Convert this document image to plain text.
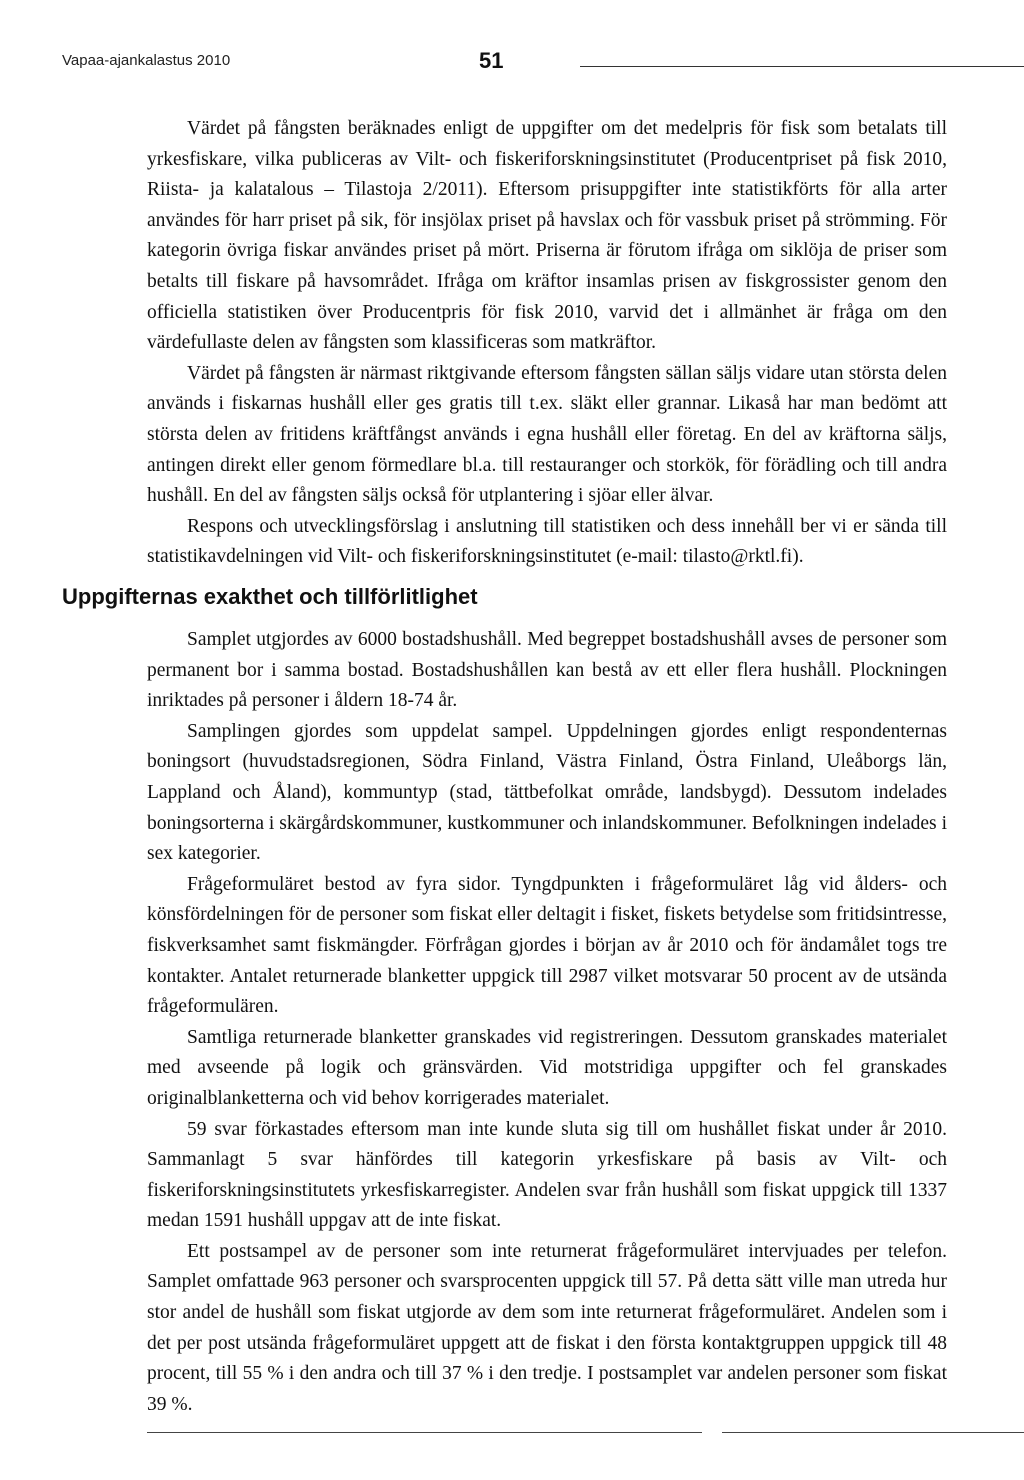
Vapaa-ajankalastus 2010	51

Värdet på fångsten beräknades enligt de uppgifter om det medelpris för fisk som betalats till yrkesfiskare, vilka publiceras av Vilt- och fiskeriforskningsinstitutet (Producentpriset på fisk 2010, Riista- ja kalatalous – Tilastoja 2/2011). Eftersom prisuppgifter inte statistikförts för alla arter användes för harr priset på sik, för insjölax priset på havslax och för vassbuk priset på strömming. För kategorin övriga fiskar användes priset på mört. Priserna är förutom ifråga om siklöja de priser som betalts till fiskare på havsområdet. Ifråga om kräftor insamlas prisen av fiskgrossister genom den officiella statistiken över Producentpris för fisk 2010, varvid det i allmänhet är fråga om den värdefullaste delen av fångsten som klassificeras som matkräftor.

Värdet på fångsten är närmast riktgivande eftersom fångsten sällan säljs vidare utan största delen används i fiskarnas hushåll eller ges gratis till t.ex. släkt eller grannar. Likaså har man bedömt att största delen av fritidens kräftfångst används i egna hushåll eller företag. En del av kräftorna säljs, antingen direkt eller genom förmedlare bl.a. till restauranger och storkök, för förädling och till andra hushåll. En del av fångsten säljs också för utplantering i sjöar eller älvar.

Respons och utvecklingsförslag i anslutning till statistiken och dess innehåll ber vi er sända till statistikavdelningen vid Vilt- och fiskeriforskningsinstitutet (e-mail: tilasto@rktl.fi).

Uppgifternas exakthet och tillförlitlighet

Samplet utgjordes av 6000 bostadshushåll. Med begreppet bostadshushåll avses de personer som permanent bor i samma bostad. Bostadshushållen kan bestå av ett eller flera hushåll. Plockningen inriktades på personer i åldern 18-74 år.

Samplingen gjordes som uppdelat sampel. Uppdelningen gjordes enligt respondenternas boningsort (huvudstadsregionen, Södra Finland, Västra Finland, Östra Finland, Uleåborgs län, Lappland och Åland), kommuntyp (stad, tättbefolkat område, landsbygd). Dessutom indelades boningsorterna i skärgårdskommuner, kustkommuner och inlandskommuner. Befolkningen indelades i sex kategorier.

Frågeformuläret bestod av fyra sidor. Tyngdpunkten i frågeformuläret låg vid ålders- och könsfördelningen för de personer som fiskat eller deltagit i fisket, fiskets betydelse som fritidsintresse, fiskverksamhet samt fiskmängder. Förfrågan gjordes i början av år 2010 och för ändamålet togs tre kontakter. Antalet returnerade blanketter uppgick till 2987 vilket motsvarar 50 procent av de utsända frågeformulären.

Samtliga returnerade blanketter granskades vid registreringen. Dessutom granskades materialet med avseende på logik och gränsvärden. Vid motstridiga uppgifter och fel granskades originalblanketterna och vid behov korrigerades materialet.

59 svar förkastades eftersom man inte kunde sluta sig till om hushållet fiskat under år 2010. Sammanlagt 5 svar hänfördes till kategorin yrkesfiskare på basis av Vilt- och fiskeriforskningsinstitutets yrkesfiskarregister. Andelen svar från hushåll som fiskat uppgick till 1337 medan 1591 hushåll uppgav att de inte fiskat.

Ett postsampel av de personer som inte returnerat frågeformuläret intervjuades per telefon. Samplet omfattade 963 personer och svarsprocenten uppgick till 57. På detta sätt ville man utreda hur stor andel de hushåll som fiskat utgjorde av dem som inte returnerat frågeformuläret. Andelen som i det per post utsända frågeformuläret uppgett att de fiskat i den första kontaktgruppen uppgick till 48 procent, till 55 % i den andra och till 37 % i den tredje. I postsamplet var andelen personer som fiskat 39 %.
